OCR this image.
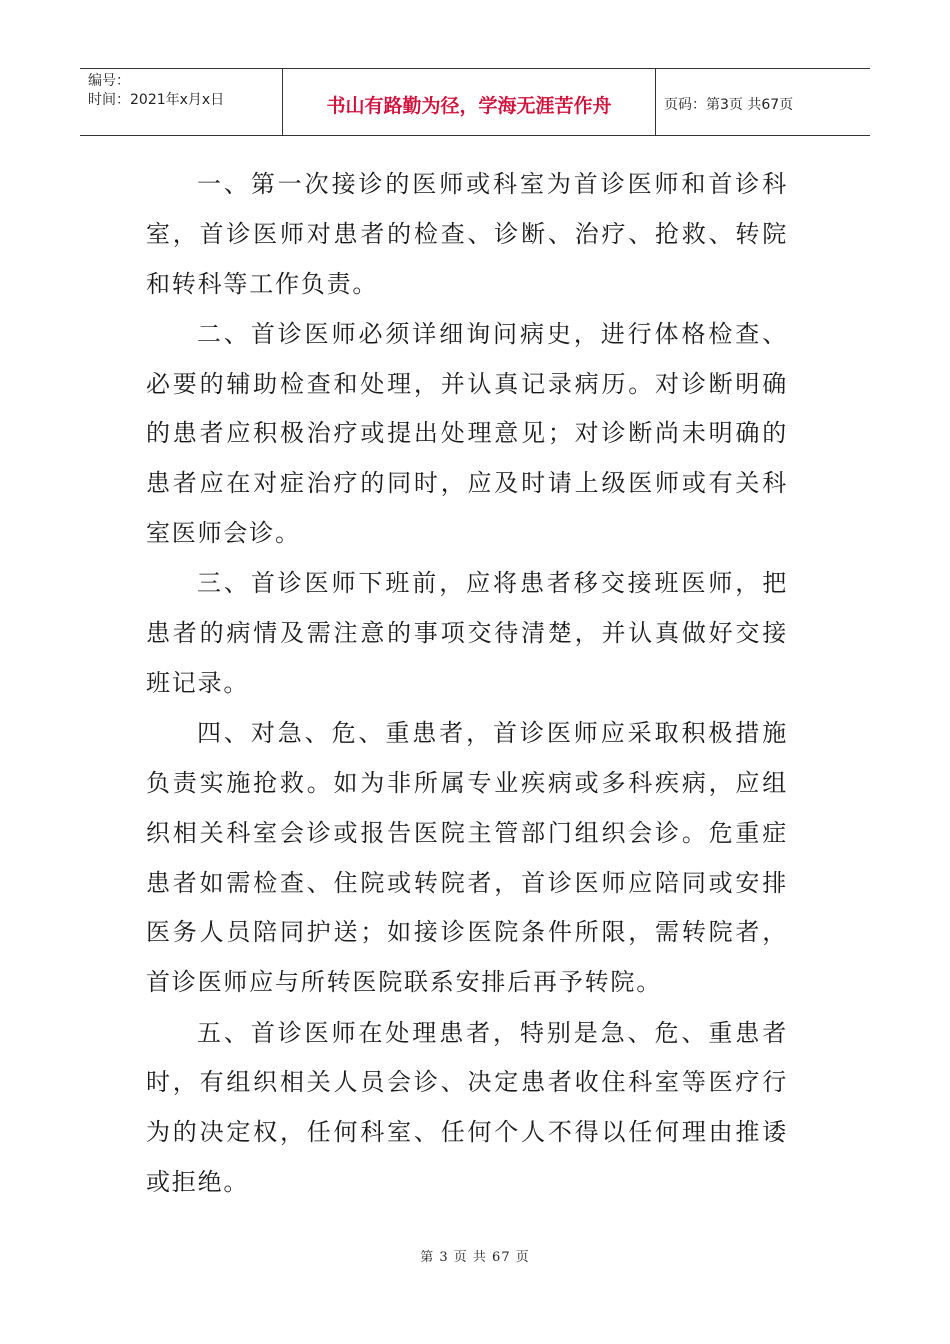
编号：
时间：2021年x月x日	书山有路勤为径，学海无涯苦作舟	页码：第3页 共67页

一、第一次接诊的医师或科室为首诊医师和首诊科室，首诊医师对患者的检查、诊断、治疗、抢救、转院和转科等工作负责。

二、首诊医师必须详细询问病史，进行体格检查、必要的辅助检查和处理，并认真记录病历。对诊断明确的患者应积极治疗或提出处理意见；对诊断尚未明确的患者应在对症治疗的同时，应及时请上级医师或有关科室医师会诊。

三、首诊医师下班前，应将患者移交接班医师，把患者的病情及需注意的事项交待清楚，并认真做好交接班记录。

四、对急、危、重患者，首诊医师应采取积极措施负责实施抢救。如为非所属专业疾病或多科疾病，应组织相关科室会诊或报告医院主管部门组织会诊。危重症患者如需检查、住院或转院者，首诊医师应陪同或安排医务人员陪同护送；如接诊医院条件所限，需转院者，首诊医师应与所转医院联系安排后再予转院。

五、首诊医师在处理患者，特别是急、危、重患者时，有组织相关人员会诊、决定患者收住科室等医疗行为的决定权，任何科室、任何个人不得以任何理由推诿或拒绝。

第 3 页 共 67 页
